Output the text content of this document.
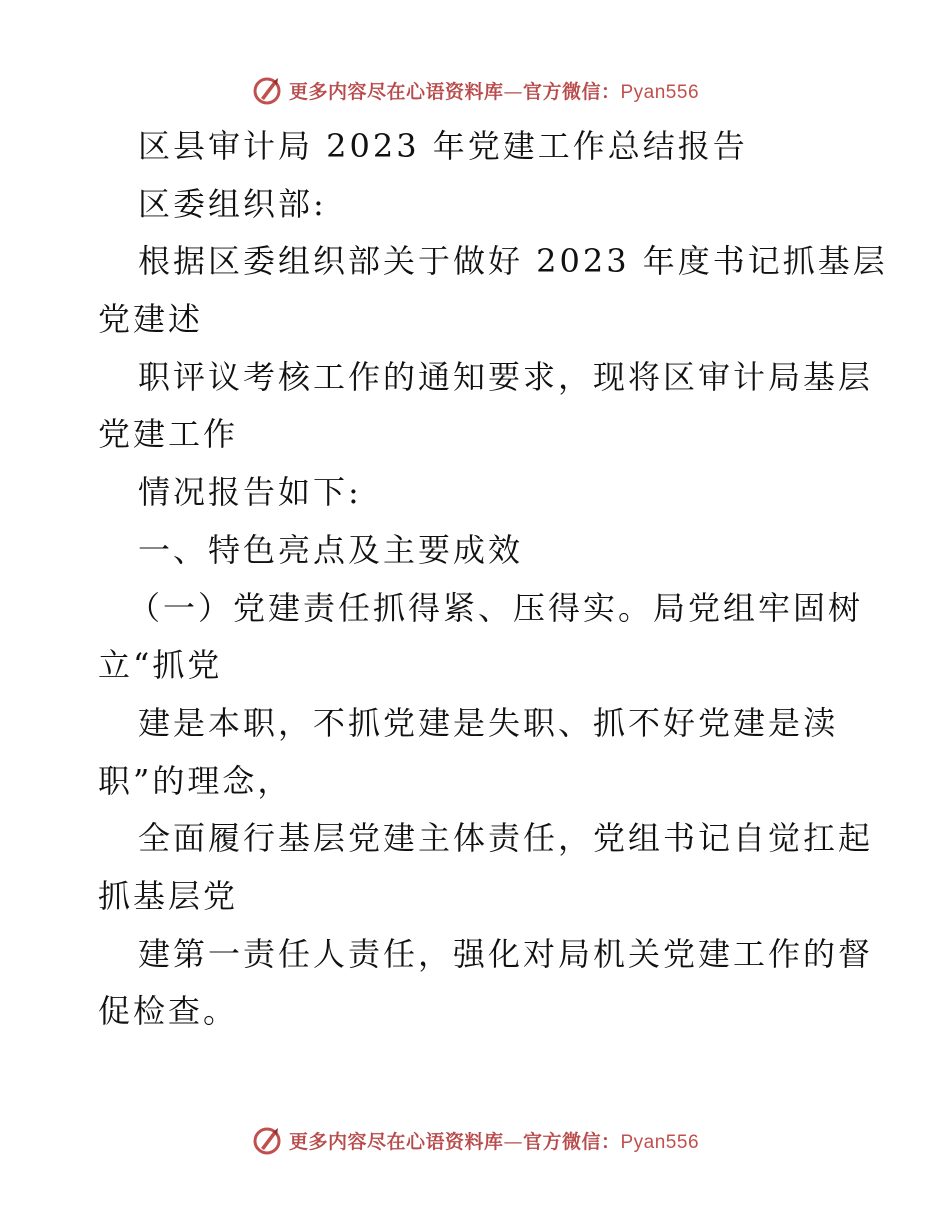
更多内容尽在心语资料库—官方微信：Pyan556
区县审计局 2023 年党建工作总结报告
区委组织部:
根据区委组织部关于做好 2023 年度书记抓基层
党建述
职评议考核工作的通知要求，现将区审计局基层
党建工作
情况报告如下:
一、特色亮点及主要成效
（一）党建责任抓得紧、压得实。局党组牢固树
立“抓党
建是本职，不抓党建是失职、抓不好党建是渎
职”的理念，
全面履行基层党建主体责任，党组书记自觉扛起
抓基层党
建第一责任人责任，强化对局机关党建工作的督
促检查。
更多内容尽在心语资料库—官方微信：Pyan556
